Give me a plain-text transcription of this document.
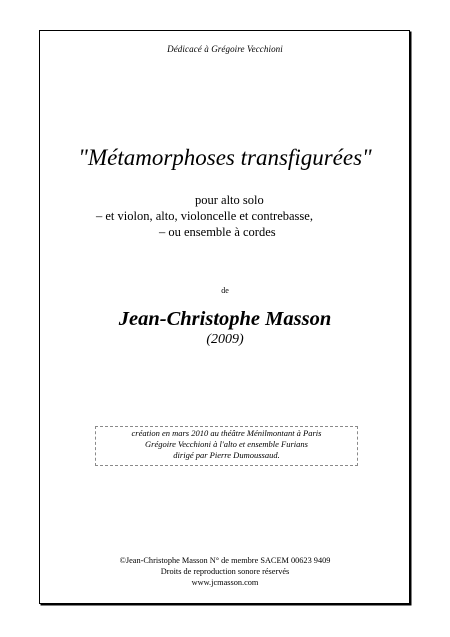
Dédicacé à Grégoire Vecchioni
"Métamorphoses transfigurées"
pour alto solo
– et violon, alto, violoncelle et contrebasse,
– ou ensemble à cordes
de
Jean-Christophe Masson
(2009)
création en mars 2010 au théâtre Ménilmontant à Paris
Grégoire Vecchioni à l'alto et ensemble Furians
dirigé par Pierre Dumoussaud.
©Jean-Christophe Masson N° de membre SACEM 00623 9409
Droits de reproduction sonore réservés
www.jcmasson.com
